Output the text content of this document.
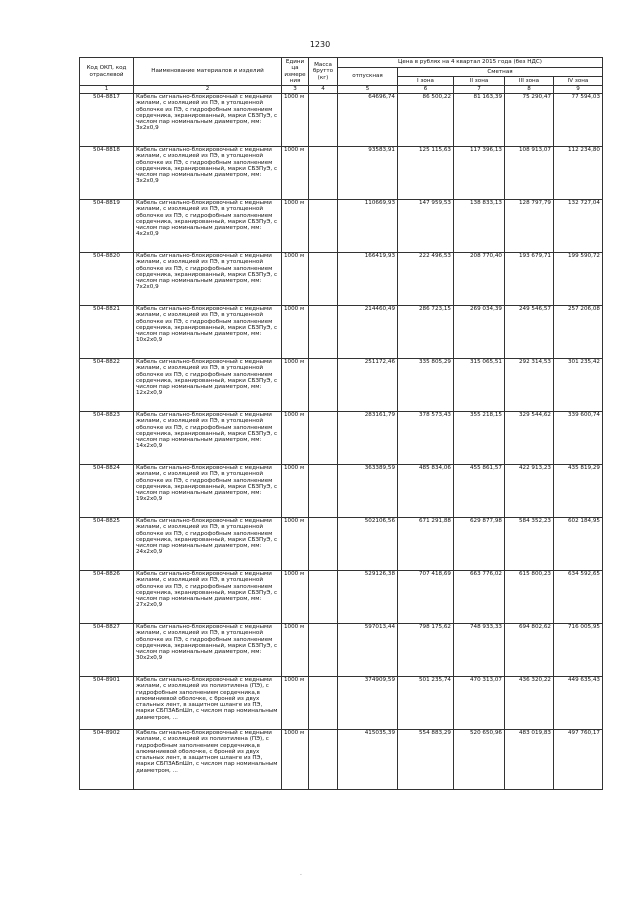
1230
Код ОКП, код отраслевой	Наименование материалов и изделий	Едини ца измере ния	Масса брутто (кг)	Цена в рублях на 4 квартал 2015 года (без НДС)				
				отпускная	Сметная			
					I зона	II зона	III зона	IV зона
1	2	3	4	5	6	7	8	9
504-8817	Кабель сигнально-блокировочный с медными жилами, с изоляцией из ПЭ, в утолщенной оболочке из ПЭ, с гидрофобным заполнением сердечника, экранированный, марки СБЗПуЭ, с числом пар номинальным диаметром, мм: 3х2х0,9	1000 м		64696,74	86 500,22	81 163,39	75 290,47	77 594,03
504-8818	Кабель сигнально-блокировочный с медными жилами, с изоляцией из ПЭ, в утолщенной оболочке из ПЭ, с гидрофобным заполнением сердечника, экранированный, марки СБЗПуЭ, с числом пар номинальным диаметром, мм: 3х2х0,9	1000 м		93583,91	125 115,63	117 396,13	108 913,07	112 234,80
504-8819	Кабель сигнально-блокировочный с медными жилами, с изоляцией из ПЭ, в утолщенной оболочке из ПЭ, с гидрофобным заполнением сердечника, экранированный, марки СБЗПуЭ, с числом пар номинальным диаметром, мм: 4х2х0,9	1000 м		110669,93	147 959,53	138 833,13	128 797,79	132 727,04
504-8820	Кабель сигнально-блокировочный с медными жилами, с изоляцией из ПЭ, в утолщенной оболочке из ПЭ, с гидрофобным заполнением сердечника, экранированный, марки СБЗПуЭ, с числом пар номинальным диаметром, мм: 7х2х0,9	1000 м		166419,93	222 496,53	208 770,40	193 679,71	199 590,72
504-8821	Кабель сигнально-блокировочный с медными жилами, с изоляцией из ПЭ, в утолщенной оболочке из ПЭ, с гидрофобным заполнением сердечника, экранированный, марки СБЗПуЭ, с числом пар номинальным диаметром, мм: 10х2х0,9	1000 м		214460,49	286 723,15	269 034,39	249 546,57	257 206,08
504-8822	Кабель сигнально-блокировочный с медными жилами, с изоляцией из ПЭ, в утолщенной оболочке из ПЭ, с гидрофобным заполнением сердечника, экранированный, марки СБЗПуЭ, с числом пар номинальным диаметром, мм: 12х2х0,9	1000 м		251172,46	335 805,29	315 065,51	292 314,53	301 235,42
504-8823	Кабель сигнально-блокировочный с медными жилами, с изоляцией из ПЭ, в утолщенной оболочке из ПЭ, с гидрофобным заполнением сердечника, экранированный, марки СБЗПуЭ, с числом пар номинальным диаметром, мм: 14х2х0,9	1000 м		283161,79	378 573,43	355 218,15	329 544,62	339 600,74
504-8824	Кабель сигнально-блокировочный с медными жилами, с изоляцией из ПЭ, в утолщенной оболочке из ПЭ, с гидрофобным заполнением сердечника, экранированный, марки СБЗПуЭ, с числом пар номинальным диаметром, мм: 19х2х0,9	1000 м		363389,59	485 834,06	455 861,57	422 913,23	435 819,29
504-8825	Кабель сигнально-блокировочный с медными жилами, с изоляцией из ПЭ, в утолщенной оболочке из ПЭ, с гидрофобным заполнением сердечника, экранированный, марки СБЗПуЭ, с числом пар номинальным диаметром, мм: 24х2х0,9	1000 м		502106,56	671 291,88	629 877,98	584 352,23	602 184,95
504-8826	Кабель сигнально-блокировочный с медными жилами, с изоляцией из ПЭ, в утолщенной оболочке из ПЭ, с гидрофобным заполнением сердечника, экранированный, марки СБЗПуЭ, с числом пар номинальным диаметром, мм: 27х2х0,9	1000 м		529126,38	707 418,69	663 776,02	615 800,23	634 592,65
504-8827	Кабель сигнально-блокировочный с медными жилами, с изоляцией из ПЭ, в утолщенной оболочке из ПЭ, с гидрофобным заполнением сердечника, экранированный, марки СБЗПуЭ, с числом пар номинальным диаметром, мм: 30х2х0,9	1000 м		597013,44	798 175,62	748 933,33	694 802,62	716 005,95
504-8901	Кабель сигнально-блокировочный с медными жилами, с изоляцией из полиэтилена (ПЭ), с гидрофобным заполнением сердечника,в алюминиевой оболочке, с броней из двух стальных лент, в защитном шланге из ПЭ, марки СБПЗАБпШп, с числом пар номинальным диаметром, ...	1000 м		374909,59	501 235,74	470 313,07	436 320,22	449 635,43
504-8902	Кабель сигнально-блокировочный с медными жилами, с изоляцией из полиэтилена (ПЭ), с гидрофобным заполнением сердечника,в алюминиевой оболочке, с броней из двух стальных лент, в защитном шланге из ПЭ, марки СБПЗАБпШп, с числом пар номинальным диаметром, ...	1000 м		415035,39	554 883,29	520 650,96	483 019,83	497 760,17
·
